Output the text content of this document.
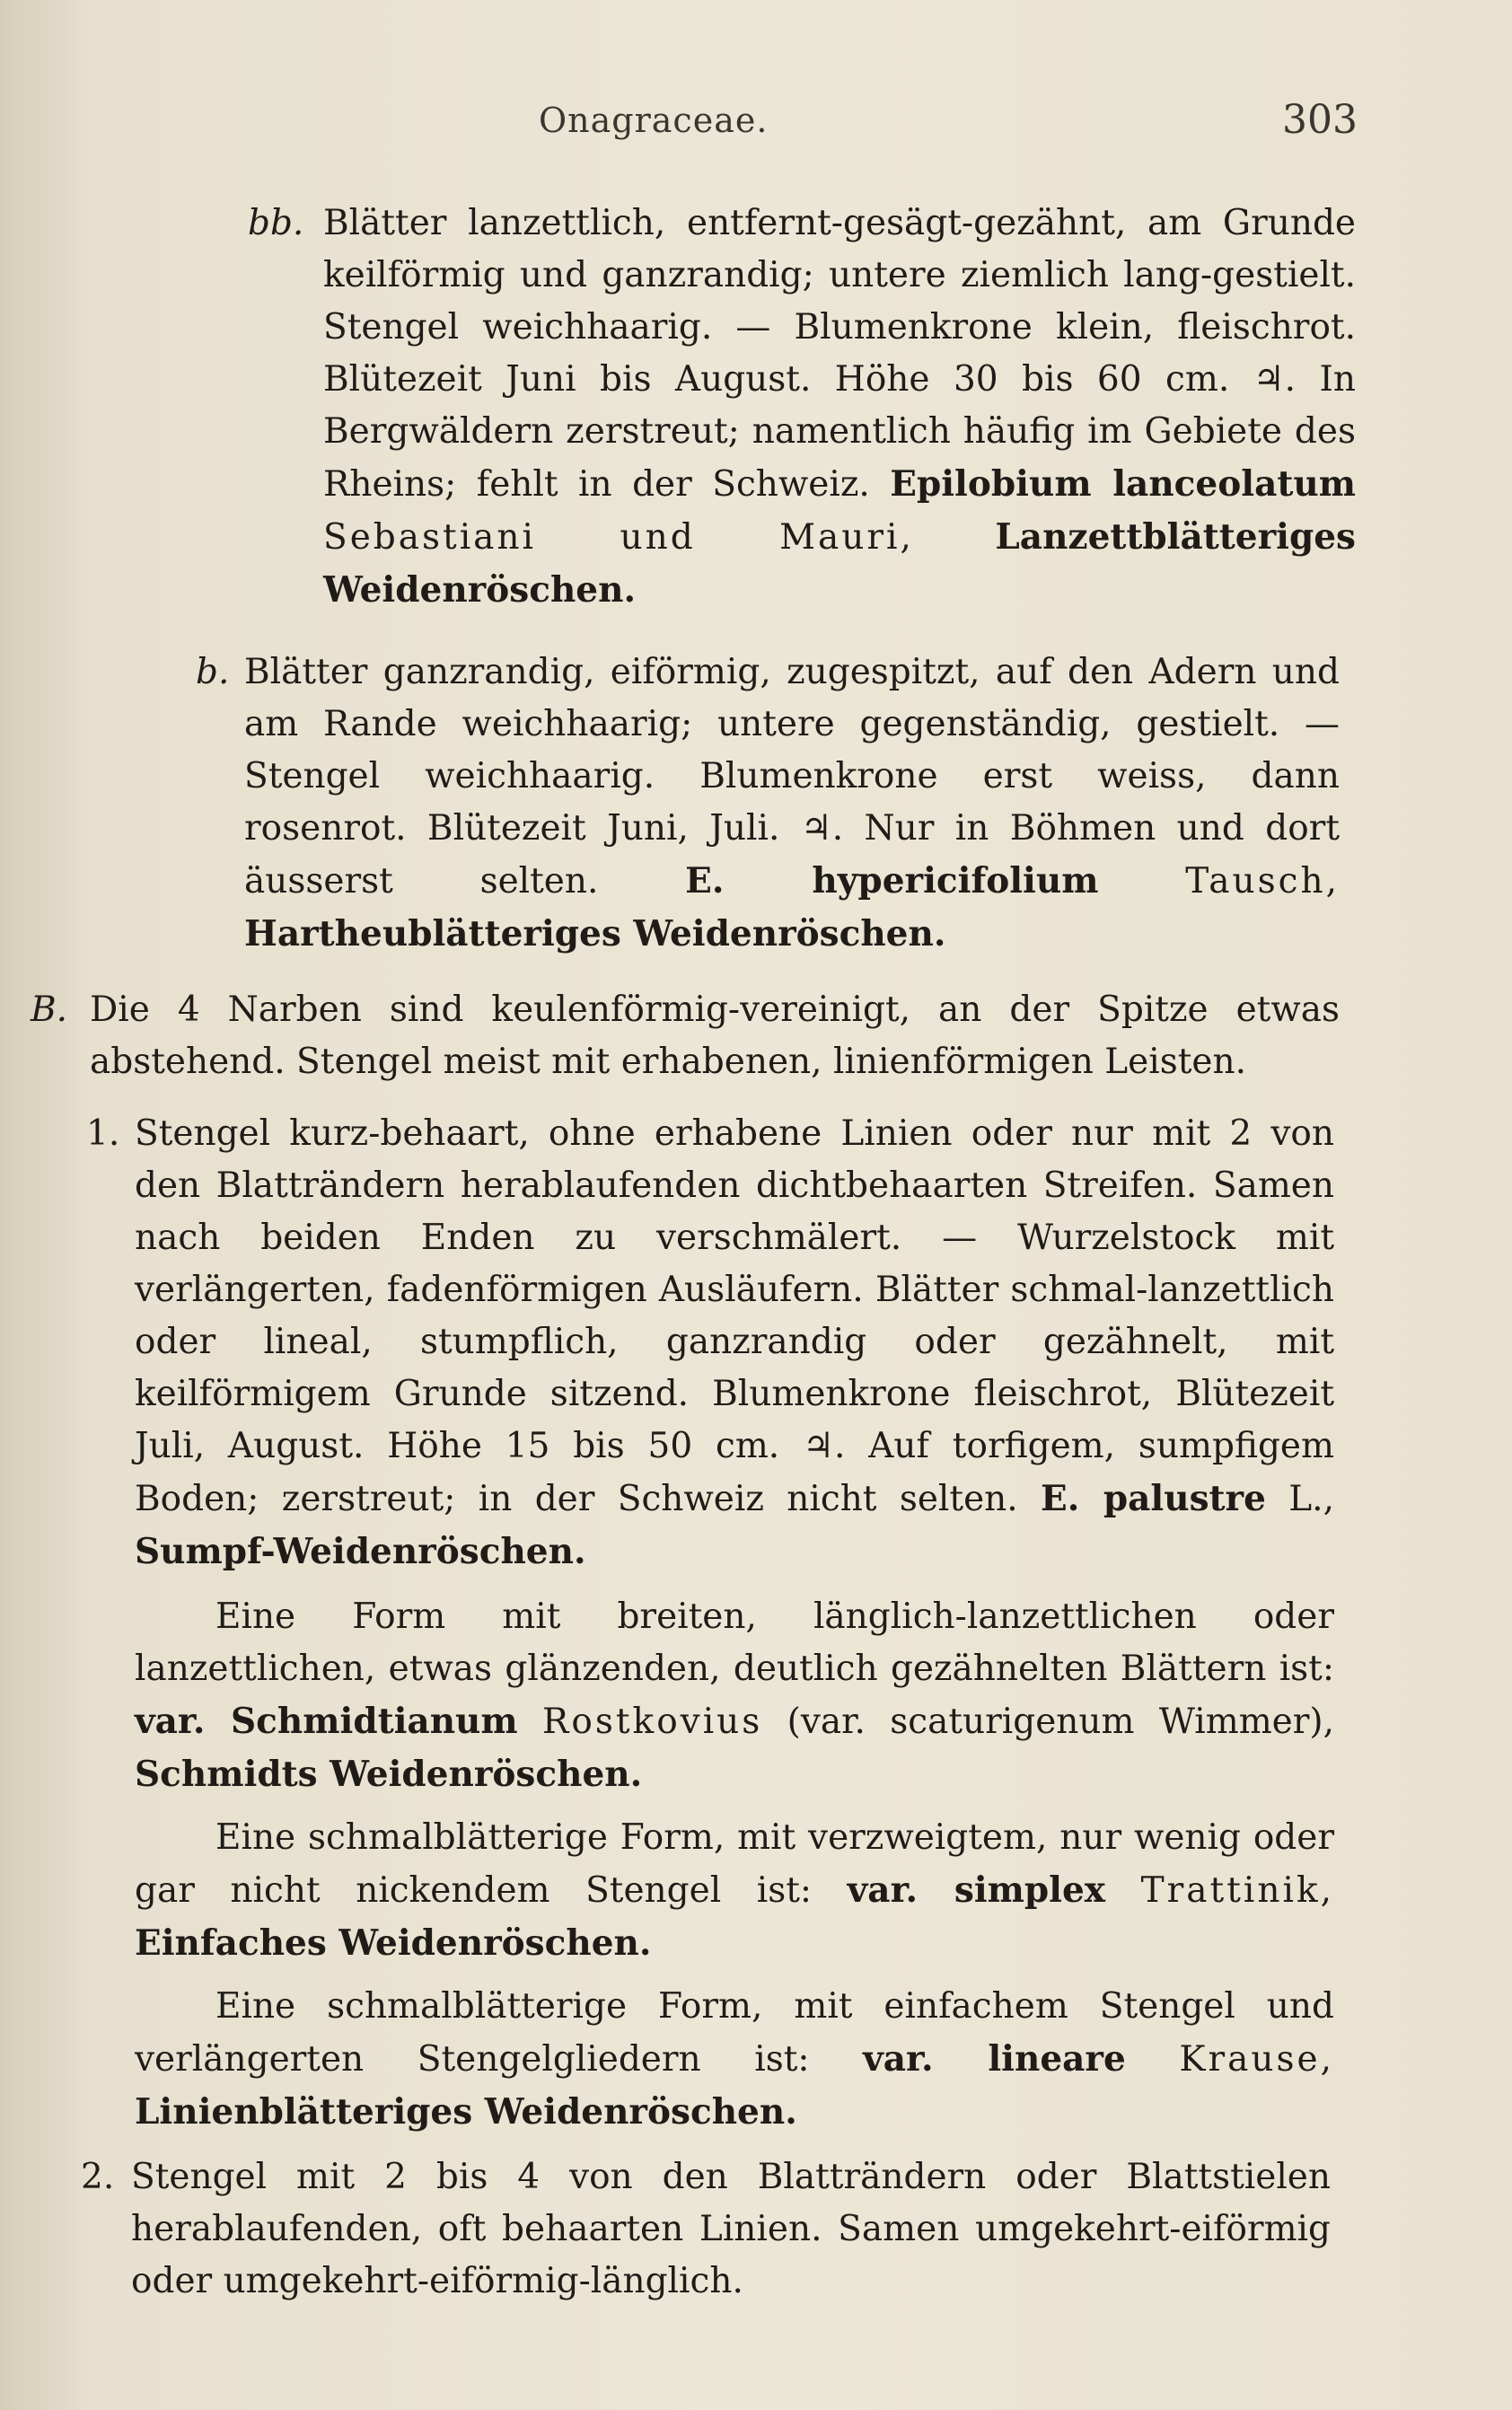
Onagraceae.	303
bb. Blätter lanzettlich, entfernt-gesägt-gezähnt, am Grunde keilförmig und ganzrandig; untere ziemlich lang-gestielt. Stengel weichhaarig. — Blumenkrone klein, fleischrot. Blütezeit Juni bis August. Höhe 30 bis 60 cm. ♃. In Bergwäldern zerstreut; namentlich häufig im Gebiete des Rheins; fehlt in der Schweiz. Epilobium lanceolatum Sebastiani und Mauri, Lanzettblätteriges Weidenröschen.
b. Blätter ganzrandig, eiförmig, zugespitzt, auf den Adern und am Rande weichhaarig; untere gegenständig, gestielt. — Stengel weichhaarig. Blumenkrone erst weiss, dann rosenrot. Blütezeit Juni, Juli. ♃. Nur in Böhmen und dort äusserst selten. E. hypericifolium Tausch, Hartheublätteriges Weidenröschen.
B. Die 4 Narben sind keulenförmig-vereinigt, an der Spitze etwas abstehend. Stengel meist mit erhabenen, linienförmigen Leisten.
1. Stengel kurz-behaart, ohne erhabene Linien oder nur mit 2 von den Blatträndern herablaufenden dichtbehaarten Streifen. Samen nach beiden Enden zu verschmälert. — Wurzelstock mit verlängerten, fadenförmigen Ausläufern. Blätter schmal-lanzettlich oder lineal, stumpflich, ganzrandig oder gezähnelt, mit keilförmigem Grunde sitzend. Blumenkrone fleischrot, Blütezeit Juli, August. Höhe 15 bis 50 cm. ♃. Auf torfigem, sumpfigem Boden; zerstreut; in der Schweiz nicht selten. E. palustre L., Sumpf-Weidenröschen.
Eine Form mit breiten, länglich-lanzettlichen oder lanzettlichen, etwas glänzenden, deutlich gezähnelten Blättern ist: var. Schmidtianum Rostkovius (var. scaturigenum Wimmer), Schmidts Weidenröschen.
Eine schmalblätterige Form, mit verzweigtem, nur wenig oder gar nicht nickendem Stengel ist: var. simplex Trattinik, Einfaches Weidenröschen.
Eine schmalblätterige Form, mit einfachem Stengel und verlängerten Stengelgliedern ist: var. lineare Krause, Linienblätteriges Weidenröschen.
2. Stengel mit 2 bis 4 von den Blatträndern oder Blattstielen herablaufenden, oft behaarten Linien. Samen umgekehrt-eiförmig oder umgekehrt-eiförmig-länglich.
